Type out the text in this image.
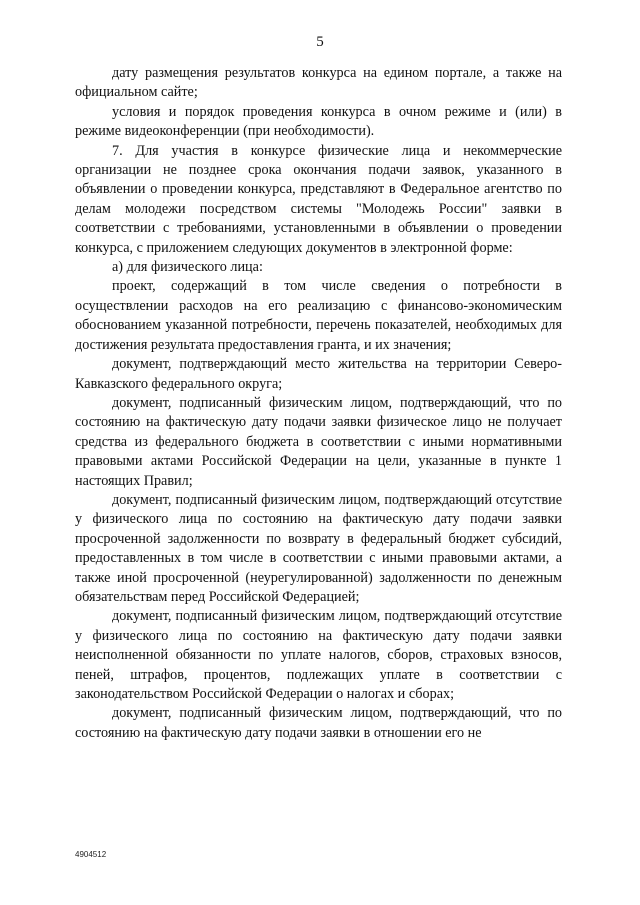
5

дату размещения результатов конкурса на едином портале, а также на официальном сайте;

условия и порядок проведения конкурса в очном режиме и (или) в режиме видеоконференции (при необходимости).

7. Для участия в конкурсе физические лица и некоммерческие организации не позднее срока окончания подачи заявок, указанного в объявлении о проведении конкурса, представляют в Федеральное агентство по делам молодежи посредством системы "Молодежь России" заявки в соответствии с требованиями, установленными в объявлении о проведении конкурса, с приложением следующих документов в электронной форме:

а) для физического лица:

проект, содержащий в том числе сведения о потребности в осуществлении расходов на его реализацию с финансово-экономическим обоснованием указанной потребности, перечень показателей, необходимых для достижения результата предоставления гранта, и их значения;

документ, подтверждающий место жительства на территории Северо-Кавказского федерального округа;

документ, подписанный физическим лицом, подтверждающий, что по состоянию на фактическую дату подачи заявки физическое лицо не получает средства из федерального бюджета в соответствии с иными нормативными правовыми актами Российской Федерации на цели, указанные в пункте 1 настоящих Правил;

документ, подписанный физическим лицом, подтверждающий отсутствие у физического лица по состоянию на фактическую дату подачи заявки просроченной задолженности по возврату в федеральный бюджет субсидий, предоставленных в том числе в соответствии с иными правовыми актами, а также иной просроченной (неурегулированной) задолженности по денежным обязательствам перед Российской Федерацией;

документ, подписанный физическим лицом, подтверждающий отсутствие у физического лица по состоянию на фактическую дату подачи заявки неисполненной обязанности по уплате налогов, сборов, страховых взносов, пеней, штрафов, процентов, подлежащих уплате в соответствии с законодательством Российской Федерации о налогах и сборах;

документ, подписанный физическим лицом, подтверждающий, что по состоянию на фактическую дату подачи заявки в отношении его не

4904512
